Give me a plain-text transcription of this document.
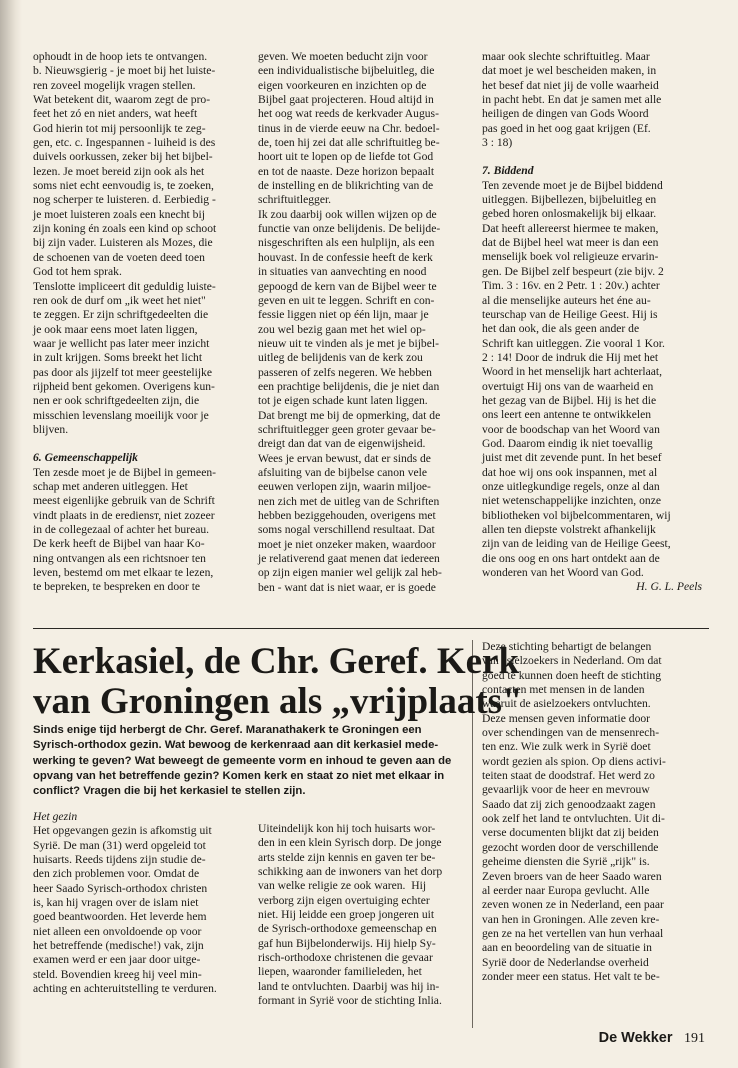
ophoudt in de hoop iets te ontvangen.

b. Nieuwsgierig - je moet bij het luiste-

ren zoveel mogelijk vragen stellen.

Wat betekent dit, waarom zegt de pro-

feet het zó en niet anders, wat heeft

God hierin tot mij persoonlijk te zeg-

gen, etc. c. Ingespannen - luiheid is des

duivels oorkussen, zeker bij het bijbel-

lezen. Je moet bereid zijn ook als het

soms niet echt eenvoudig is, te zoeken,

nog scherper te luisteren. d. Eerbiedig -

je moet luisteren zoals een knecht bij

zijn koning én zoals een kind op schoot

bij zijn vader. Luisteren als Mozes, die

de schoenen van de voeten deed toen

God tot hem sprak.

Tenslotte impliceert dit geduldig luiste-

ren ook de durf om „ik weet het niet"

te zeggen. Er zijn schriftgedeelten die

je ook maar eens moet laten liggen,

waar je wellicht pas later meer inzicht

in zult krijgen. Soms breekt het licht

pas door als jijzelf tot meer geestelijke

rijpheid bent gekomen. Overigens kun-

nen er ook schriftgedeelten zijn, die

misschien levenslang moeilijk voor je

blijven.

6. Gemeenschappelijk

Ten zesde moet je de Bijbel in gemeen-

schap met anderen uitleggen. Het

meest eigenlijke gebruik van de Schrift

vindt plaats in de erediensт, niet zozeer

in de collegezaal of achter het bureau.

De kerk heeft de Bijbel van haar Ko-

ning ontvangen als een richtsnoer ten

leven, bestemd om met elkaar te lezen,

te bepreken, te bespreken en door te

geven. We moeten beducht zijn voor

een individualistische bijbeluitleg, die

eigen voorkeuren en inzichten op de

Bijbel gaat projecteren. Houd altijd in

het oog wat reeds de kerkvader Augus-

tinus in de vierde eeuw na Chr. bedoel-

de, toen hij zei dat alle schriftuitleg be-

hoort uit te lopen op de liefde tot God

en tot de naaste. Deze horizon bepaalt

de instelling en de blikrichting van de

schriftuitlegger.

Ik zou daarbij ook willen wijzen op de

functie van onze belijdenis. De belijde-

nisgeschriften als een hulplijn, als een

houvast. In de confessie heeft de kerk

in situaties van aanvechting en nood

gepoogd de kern van de Bijbel weer te

geven en uit te leggen. Schrift en con-

fessie liggen niet op één lijn, maar je

zou wel bezig gaan met het wiel op-

nieuw uit te vinden als je met je bijbel-

uitleg de belijdenis van de kerk zou

passeren of zelfs negeren. We hebben

een prachtige belijdenis, die je niet dan

tot je eigen schade kunt laten liggen.

Dat brengt me bij de opmerking, dat de

schriftuitlegger geen groter gevaar be-

dreigt dan dat van de eigenwijsheid.

Wees je ervan bewust, dat er sinds de

afsluiting van de bijbelse canon vele

eeuwen verlopen zijn, waarin miljoe-

nen zich met de uitleg van de Schriften

hebben beziggehouden, overigens met

soms nogal verschillend resultaat. Dat

moet je niet onzeker maken, waardoor

je relativerend gaat menen dat iedereen

op zijn eigen manier wel gelijk zal heb-

ben - want dat is niet waar, er is goede

maar ook slechte schriftuitleg. Maar

dat moet je wel bescheiden maken, in

het besef dat niet jij de volle waarheid

in pacht hebt. En dat je samen met alle

heiligen de dingen van Gods Woord

pas goed in het oog gaat krijgen (Ef.

3 : 18)

7. Biddend

Ten zevende moet je de Bijbel biddend

uitleggen. Bijbellezen, bijbeluitleg en

gebed horen onlosmakelijk bij elkaar.

Dat heeft allereerst hiermee te maken,

dat de Bijbel heel wat meer is dan een

menselijk boek vol religieuze ervarin-

gen. De Bijbel zelf bespeurt (zie bijv. 2

Tim. 3 : 16v. en 2 Petr. 1 : 20v.) achter

al die menselijke auteurs het éne au-

teurschap van de Heilige Geest. Hij is

het dan ook, die als geen ander de

Schrift kan uitleggen. Zie vooral 1 Kor.

2 : 14! Door de indruk die Hij met het

Woord in het menselijk hart achterlaat,

overtuigt Hij ons van de waarheid en

het gezag van de Bijbel. Hij is het die

ons leert een antenne te ontwikkelen

voor de boodschap van het Woord van

God. Daarom eindig ik niet toevallig

juist met dit zevende punt. In het besef

dat hoe wij ons ook inspannen, met al

onze uitlegkundige regels, onze al dan

niet wetenschappelijke inzichten, onze

bibliotheken vol bijbelcommentaren, wij

allen ten diepste volstrekt afhankelijk

zijn van de leiding van de Heilige Geest,

die ons oog en ons hart ontdekt aan de

wonderen van het Woord van God.

H. G. L. Peels

Kerkasiel, de Chr. Geref. Kerk
van Groningen als „vrijplaats"
Sinds enige tijd herbergt de Chr. Geref. Maranathakerk te Groningen een
Syrisch-orthodox gezin. Wat bewoog de kerkenraad aan dit kerkasiel mede-
werking te geven? Wat beweegt de gemeente vorm en inhoud te geven aan de
opvang van het betreffende gezin? Komen kerk en staat zo niet met elkaar in
conflict? Vragen die bij het kerkasiel te stellen zijn.

Het gezin

Het opgevangen gezin is afkomstig uit

Syrië. De man (31) werd opgeleid tot

huisarts. Reeds tijdens zijn studie de-

den zich problemen voor. Omdat de

heer Saado Syrisch-orthodox christen

is, kan hij vragen over de islam niet

goed beantwoorden. Het leverde hem

niet alleen een onvoldoende op voor

het betreffende (medische!) vak, zijn

examen werd er een jaar door uitge-

steld. Bovendien kreeg hij veel min-

achting en achteruitstelling te verduren.

Uiteindelijk kon hij toch huisarts wor-

den in een klein Syrisch dorp. De jonge

arts stelde zijn kennis en gaven ter be-

schikking aan de inwoners van het dorp

van welke religie ze ook waren.  Hij

verborg zijn eigen overtuiging echter

niet. Hij leidde een groep jongeren uit

de Syrisch-orthodoxe gemeenschap en

gaf hun Bijbelonderwijs. Hij hielp Sy-

risch-orthodoxe christenen die gevaar

liepen, waaronder familieleden, het

land te ontvluchten. Daarbij was hij in-

formant in Syrië voor de stichting Inlia.

Deze stichting behartigt de belangen

van asielzoekers in Nederland. Om dat

goed te kunnen doen heeft de stichting

contacten met mensen in de landen

waaruit de asielzoekers ontvluchten.

Deze mensen geven informatie door

over schendingen van de mensenrech-

ten enz. Wie zulk werk in Syrië doet

wordt gezien als spion. Op diens activi-

teiten staat de doodstraf. Het werd zo

gevaarlijk voor de heer en mevrouw

Saado dat zij zich genoodzaakt zagen

ook zelf het land te ontvluchten. Uit di-

verse documenten blijkt dat zij beiden

gezocht worden door de verschillende

geheime diensten die Syrië „rijk" is.

Zeven broers van de heer Saado waren

al eerder naar Europa gevlucht. Alle

zeven wonen ze in Nederland, een paar

van hen in Groningen. Alle zeven kre-

gen ze na het vertellen van hun verhaal

aan en beoordeling van de situatie in

Syrië door de Nederlandse overheid

zonder meer een status. Het valt te be-

De Wekker 191
